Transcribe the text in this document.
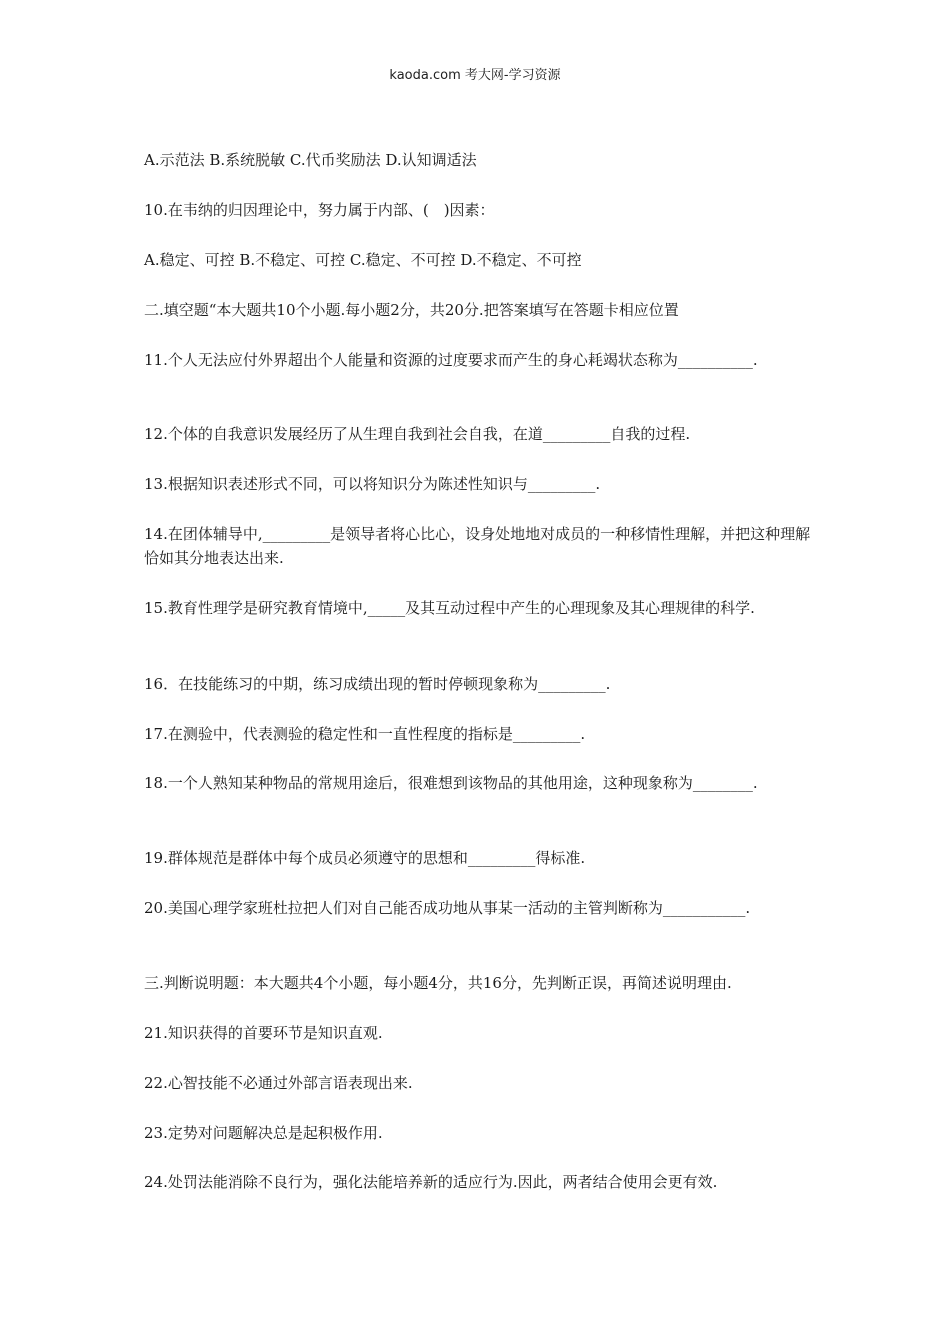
kaoda.com 考大网-学习资源
A.示范法 B.系统脱敏 C.代币奖励法 D.认知调适法
10.在韦纳的归因理论中，努力属于内部、(　)因素：
A.稳定、可控 B.不稳定、可控 C.稳定、不可控 D.不稳定、不可控
二.填空题“本大题共10个小题.每小题2分，共20分.把答案填写在答题卡相应位置
11.个人无法应付外界超出个人能量和资源的过度要求而产生的身心耗竭状态称为__________.
12.个体的自我意识发展经历了从生理自我到社会自我，在道_________自我的过程.
13.根据知识表述形式不同，可以将知识分为陈述性知识与_________.
14.在团体辅导中,_________是领导者将心比心，设身处地地对成员的一种移情性理解，并把这种理解恰如其分地表达出来.
15.教育性理学是研究教育情境中,_____及其互动过程中产生的心理现象及其心理规律的科学.
16．在技能练习的中期，练习成绩出现的暂时停顿现象称为_________.
17.在测验中，代表测验的稳定性和一直性程度的指标是_________.
18.一个人熟知某种物品的常规用途后，很难想到该物品的其他用途，这种现象称为________.
19.群体规范是群体中每个成员必须遵守的思想和_________得标准.
20.美国心理学家班杜拉把人们对自己能否成功地从事某一活动的主管判断称为___________.
三.判断说明题：本大题共4个小题，每小题4分，共16分，先判断正误，再简述说明理由.
21.知识获得的首要环节是知识直观.
22.心智技能不必通过外部言语表现出来.
23.定势对问题解决总是起积极作用.
24.处罚法能消除不良行为，强化法能培养新的适应行为.因此，两者结合使用会更有效.
